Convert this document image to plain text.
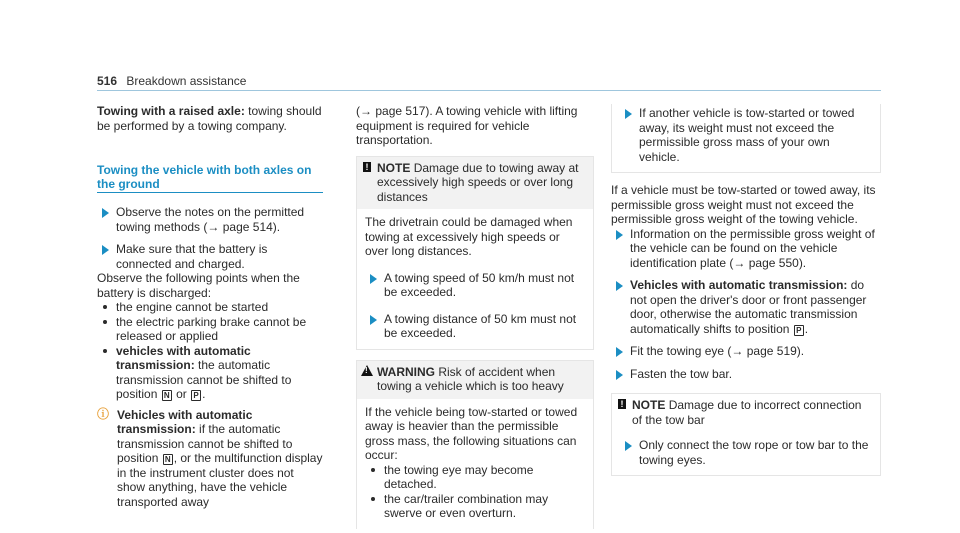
516 Breakdown assistance

Towing with a raised axle: towing should be performed by a towing company.

Towing the vehicle with both axles on the ground
Observe the notes on the permitted towing methods (→ page 514).
Make sure that the battery is connected and charged.

Observe the following points when the battery is discharged:

the engine cannot be started
the electric parking brake cannot be released or applied
vehicles with automatic transmission: the automatic transmission cannot be shifted to position N or P .
ⓘ Vehicles with automatic transmission: if the automatic transmission cannot be shifted to position N , or the multifunction display in the instrument cluster does not show anything, have the vehicle transported away

(→ page 517). A towing vehicle with lifting equipment is required for vehicle transportation.

! NOTE Damage due to towing away at excessively high speeds or over long distances

The drivetrain could be damaged when towing at excessively high speeds or over long distances.

A towing speed of 50 km/h must not be exceeded.
A towing distance of 50 km must not be exceeded.
!
WARNING Risk of accident when towing a vehicle which is too heavy

If the vehicle being tow-started or towed away is heavier than the permissible gross mass, the following situations can occur:

the towing eye may become detached.
the car/trailer combination may swerve or even overturn.
If another vehicle is tow-started or towed away, its weight must not exceed the permissible gross mass of your own vehicle.

If a vehicle must be tow-started or towed away, its permissible gross weight must not exceed the permissible gross weight of the towing vehicle.

Information on the permissible gross weight of the vehicle can be found on the vehicle identification plate (→ page 550).
Vehicles with automatic transmission: do not open the driver's door or front passenger door, otherwise the automatic transmission automatically shifts to position P .
Fit the towing eye (→ page 519).
Fasten the tow bar.
! NOTE Damage due to incorrect connection of the tow bar
Only connect the tow rope or tow bar to the towing eyes.
